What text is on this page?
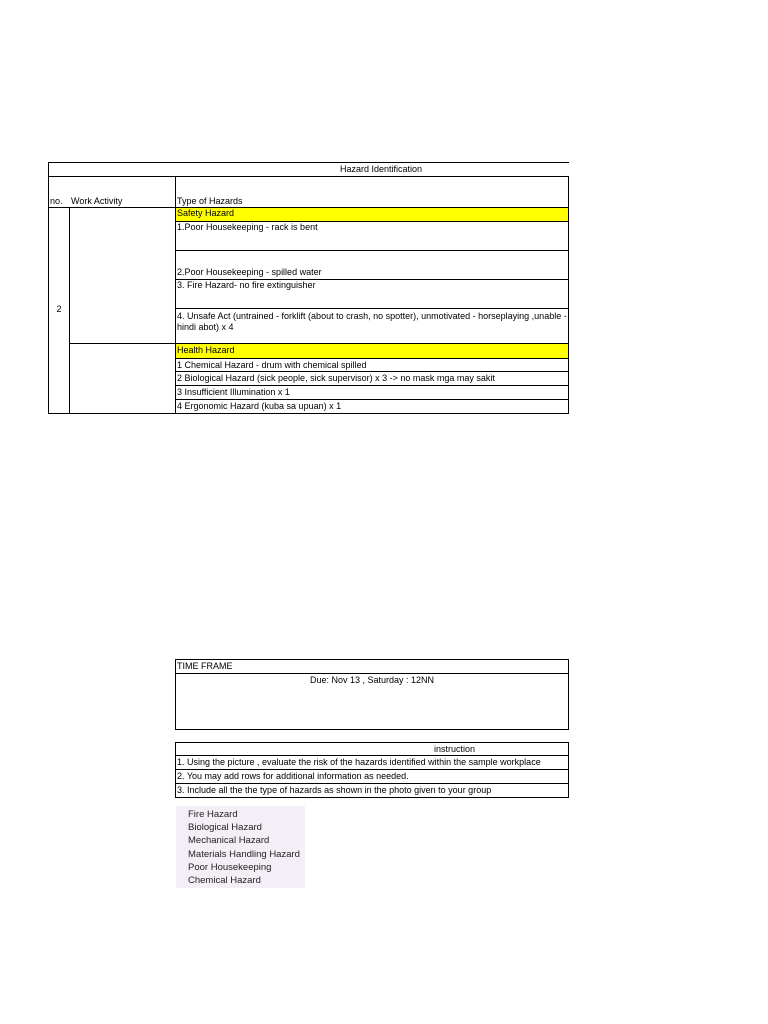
Hazard Identification
no. Work Activity	Type of Hazards
2
Safety Hazard
1.Poor Housekeeping - rack is bent
2.Poor Housekeeping - spilled water
3. Fire Hazard- no fire extinguisher
4. Unsafe Act (untrained - forklift (about to crash, no spotter), unmotivated - horseplaying ,unable - hindi abot) x 4
Health Hazard
1 Chemical Hazard - drum with chemical spilled
2 Biological Hazard (sick people, sick supervisor) x 3 -> no mask mga may sakit
3 Insufficient Illumination x 1
4 Ergonomic Hazard (kuba sa upuan) x 1
TIME FRAME
Due: Nov 13 , Saturday : 12NN
instruction
1. Using the picture , evaluate the risk of the hazards identified within the sample workplace
2. You may add rows for additional information as needed.
3. Include all the the type of hazards as shown in the photo given to your group
Fire Hazard
Biological Hazard
Mechanical Hazard
Materials Handling Hazard
Poor Housekeeping
Chemical Hazard
